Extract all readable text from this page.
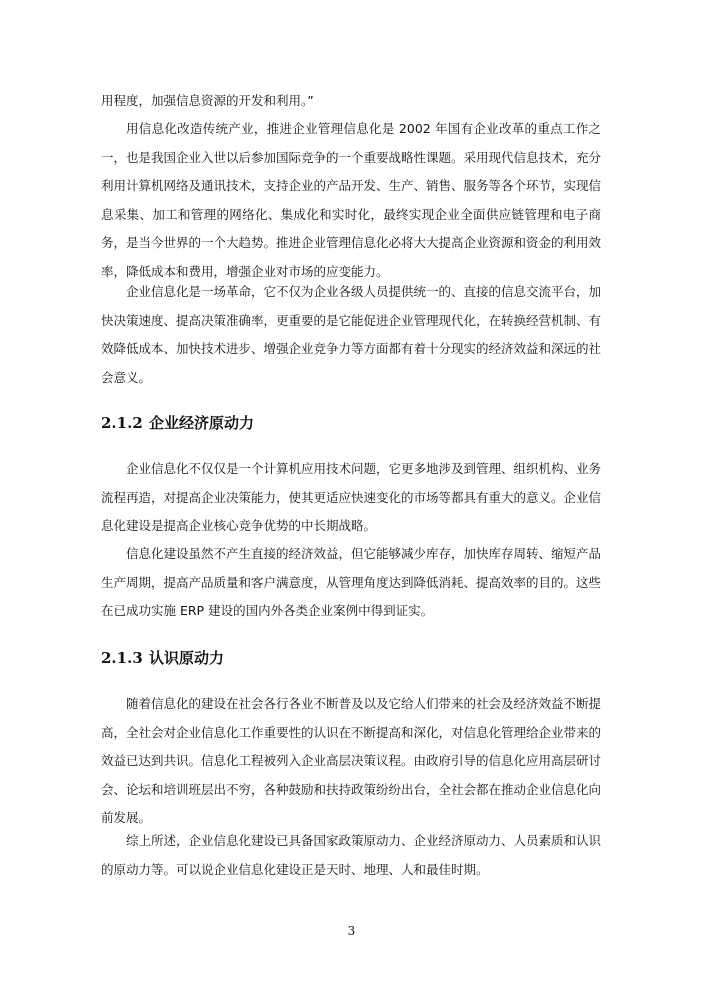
用程度，加强信息资源的开发和利用。”

用信息化改造传统产业，推进企业管理信息化是 2002 年国有企业改革的重点工作之一，也是我国企业入世以后参加国际竞争的一个重要战略性课题。采用现代信息技术，充分利用计算机网络及通讯技术，支持企业的产品开发、生产、销售、服务等各个环节，实现信息采集、加工和管理的网络化、集成化和实时化，最终实现企业全面供应链管理和电子商务，是当今世界的一个大趋势。推进企业管理信息化必将大大提高企业资源和资金的利用效率，降低成本和费用，增强企业对市场的应变能力。

企业信息化是一场革命，它不仅为企业各级人员提供统一的、直接的信息交流平台，加快决策速度、提高决策准确率，更重要的是它能促进企业管理现代化，在转换经营机制、有效降低成本、加快技术进步、增强企业竞争力等方面都有着十分现实的经济效益和深远的社会意义。

2.1.2 企业经济原动力

企业信息化不仅仅是一个计算机应用技术问题，它更多地涉及到管理、组织机构、业务流程再造，对提高企业决策能力，使其更适应快速变化的市场等都具有重大的意义。企业信息化建设是提高企业核心竞争优势的中长期战略。

信息化建设虽然不产生直接的经济效益，但它能够减少库存，加快库存周转、缩短产品生产周期，提高产品质量和客户满意度，从管理角度达到降低消耗、提高效率的目的。这些在已成功实施 ERP 建设的国内外各类企业案例中得到证实。

2.1.3 认识原动力

随着信息化的建设在社会各行各业不断普及以及它给人们带来的社会及经济效益不断提高，全社会对企业信息化工作重要性的认识在不断提高和深化，对信息化管理给企业带来的效益已达到共识。信息化工程被列入企业高层决策议程。由政府引导的信息化应用高层研讨会、论坛和培训班层出不穷，各种鼓励和扶持政策纷纷出台，全社会都在推动企业信息化向前发展。

综上所述，企业信息化建设已具备国家政策原动力、企业经济原动力、人员素质和认识的原动力等。可以说企业信息化建设正是天时、地理、人和最佳时期。

3
